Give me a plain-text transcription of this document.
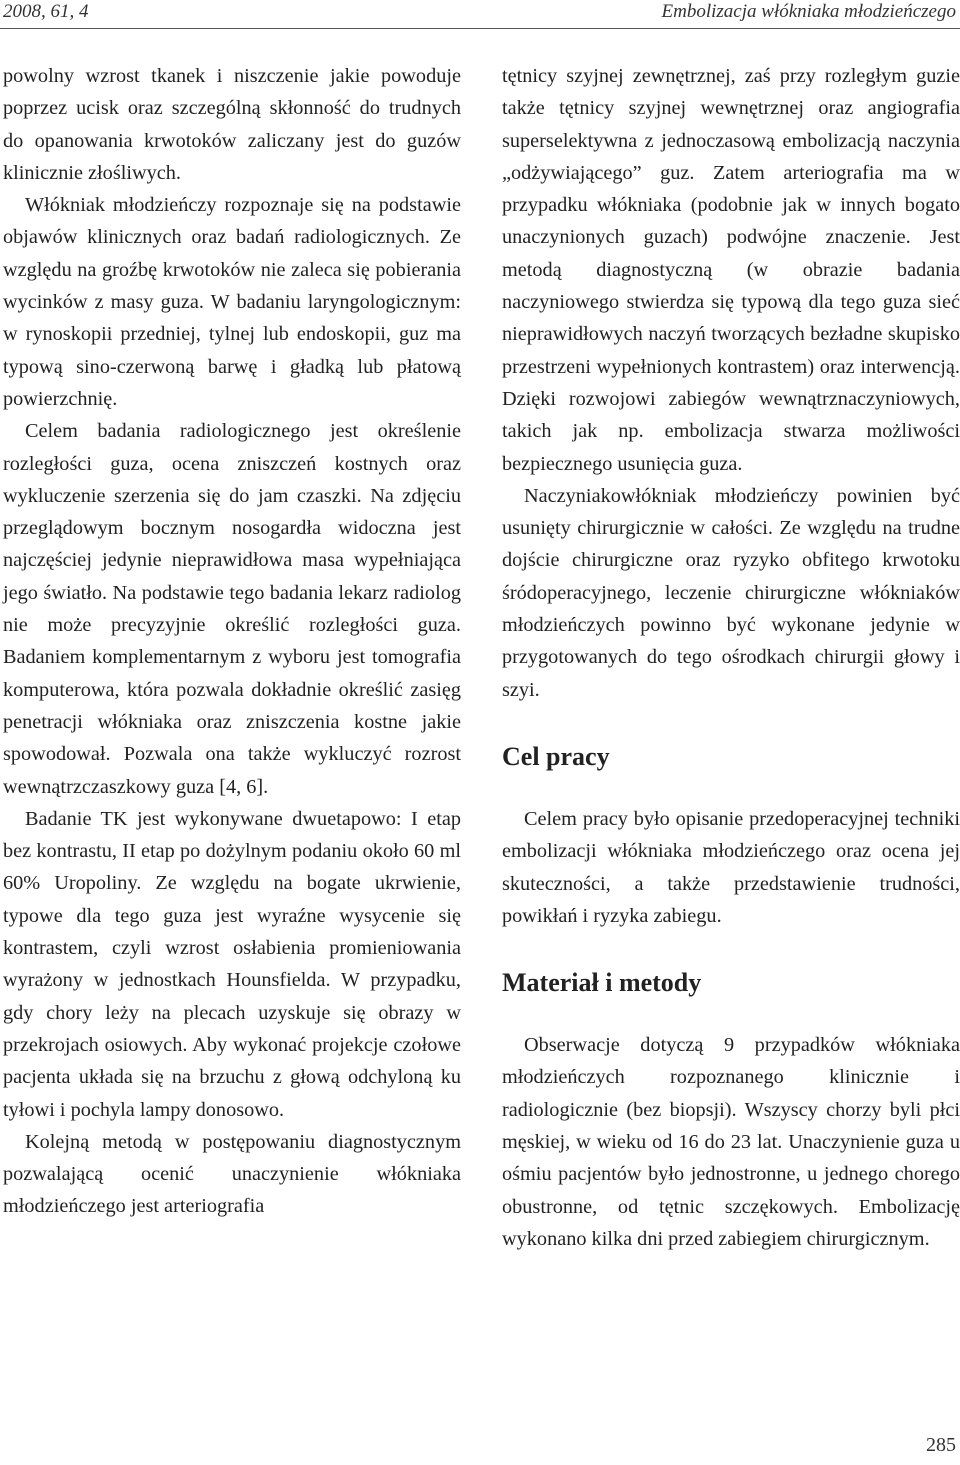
2008, 61, 4	Embolizacja włókniaka młodzieńczego

powolny wzrost tkanek i niszczenie jakie powoduje poprzez ucisk oraz szczególną skłonność do trudnych do opanowania krwotoków zaliczany jest do guzów klinicznie złośliwych.

Włókniak młodzieńczy rozpoznaje się na podstawie objawów klinicznych oraz badań radiologicznych. Ze względu na groźbę krwotoków nie zaleca się pobierania wycinków z masy guza. W badaniu laryngologicznym: w rynoskopii przedniej, tylnej lub endoskopii, guz ma typową sino-czerwoną barwę i gładką lub płatową powierzchnię.

Celem badania radiologicznego jest określenie rozległości guza, ocena zniszczeń kostnych oraz wykluczenie szerzenia się do jam czaszki. Na zdjęciu przeglądowym bocznym nosogardła widoczna jest najczęściej jedynie nieprawidłowa masa wypełniająca jego światło. Na podstawie tego badania lekarz radiolog nie może precyzyjnie określić rozległości guza. Badaniem komplementarnym z wyboru jest tomografia komputerowa, która pozwala dokładnie określić zasięg penetracji włókniaka oraz zniszczenia kostne jakie spowodował. Pozwala ona także wykluczyć rozrost wewnątrzczaszkowy guza [4, 6].

Badanie TK jest wykonywane dwuetapowo: I etap bez kontrastu, II etap po dożylnym podaniu około 60 ml 60% Uropoliny. Ze względu na bogate ukrwienie, typowe dla tego guza jest wyraźne wysycenie się kontrastem, czyli wzrost osłabienia promieniowania wyrażony w jednostkach Hounsfielda. W przypadku, gdy chory leży na plecach uzyskuje się obrazy w przekrojach osiowych. Aby wykonać projekcje czołowe pacjenta układa się na brzuchu z głową odchyloną ku tyłowi i pochyla lampy donosowo.

Kolejną metodą w postępowaniu diagnostycznym pozwalającą ocenić unaczynienie włókniaka młodzieńczego jest arteriografia

tętnicy szyjnej zewnętrznej, zaś przy rozległym guzie także tętnicy szyjnej wewnętrznej oraz angiografia superselektywna z jednoczasową embolizacją naczynia „odżywiającego” guz. Zatem arteriografia ma w przypadku włókniaka (podobnie jak w innych bogato unaczynionych guzach) podwójne znaczenie. Jest metodą diagnostyczną (w obrazie badania naczyniowego stwierdza się typową dla tego guza sieć nieprawidłowych naczyń tworzących bezładne skupisko przestrzeni wypełnionych kontrastem) oraz interwencją. Dzięki rozwojowi zabiegów wewnątrznaczyniowych, takich jak np. embolizacja stwarza możliwości bezpiecznego usunięcia guza.

Naczyniakowłókniak młodzieńczy powinien być usunięty chirurgicznie w całości. Ze względu na trudne dojście chirurgiczne oraz ryzyko obfitego krwotoku śródoperacyjnego, leczenie chirurgiczne włókniaków młodzieńczych powinno być wykonane jedynie w przygotowanych do tego ośrodkach chirurgii głowy i szyi.

Cel pracy

Celem pracy było opisanie przedoperacyjnej techniki embolizacji włókniaka młodzieńczego oraz ocena jej skuteczności, a także przedstawienie trudności, powikłań i ryzyka zabiegu.

Materiał i metody

Obserwacje dotyczą 9 przypadków włókniaka młodzieńczych rozpoznanego klinicznie i radiologicznie (bez biopsji). Wszyscy chorzy byli płci męskiej, w wieku od 16 do 23 lat. Unaczynienie guza u ośmiu pacjentów było jednostronne, u jednego chorego obustronne, od tętnic szczękowych. Embolizację wykonano kilka dni przed zabiegiem chirurgicznym.

285
